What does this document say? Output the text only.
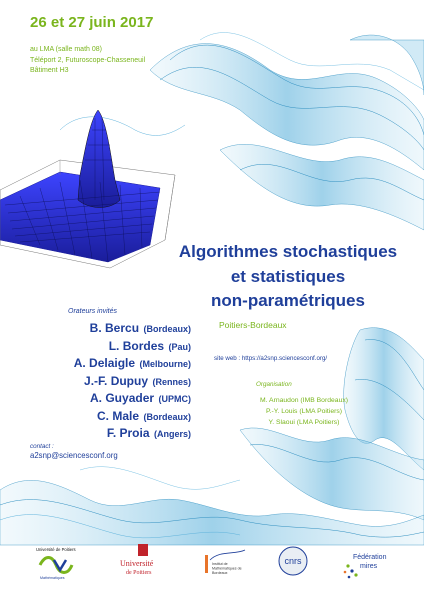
26 et 27 juin 2017
au LMA (salle math 08)
Téléport 2, Futuroscope-Chasseneuil
Bâtiment H3
Algorithmes stochastiques
et statistiques
non-paramétriques
Poitiers-Bordeaux
site web : https://a2snp.sciencesconf.org/
Orateurs invités
B. Bercu (Bordeaux)
L. Bordes (Pau)
A. Delaigle (Melbourne)
J.-F. Dupuy (Rennes)
A. Guyader (UPMC)
C. Male (Bordeaux)
F. Proia (Angers)
Organisation
M. Arnaudon (IMB Bordeaux)
P.-Y. Louis (LMA Poitiers)
Y. Slaoui (LMA Poitiers)
contact :
a2snp@sciencesconf.org
Université de Poitiers
Mathématiques
Université
de Poitiers
Institut de
Mathématiques de
Bordeaux
cnrs	Fédération
mires
